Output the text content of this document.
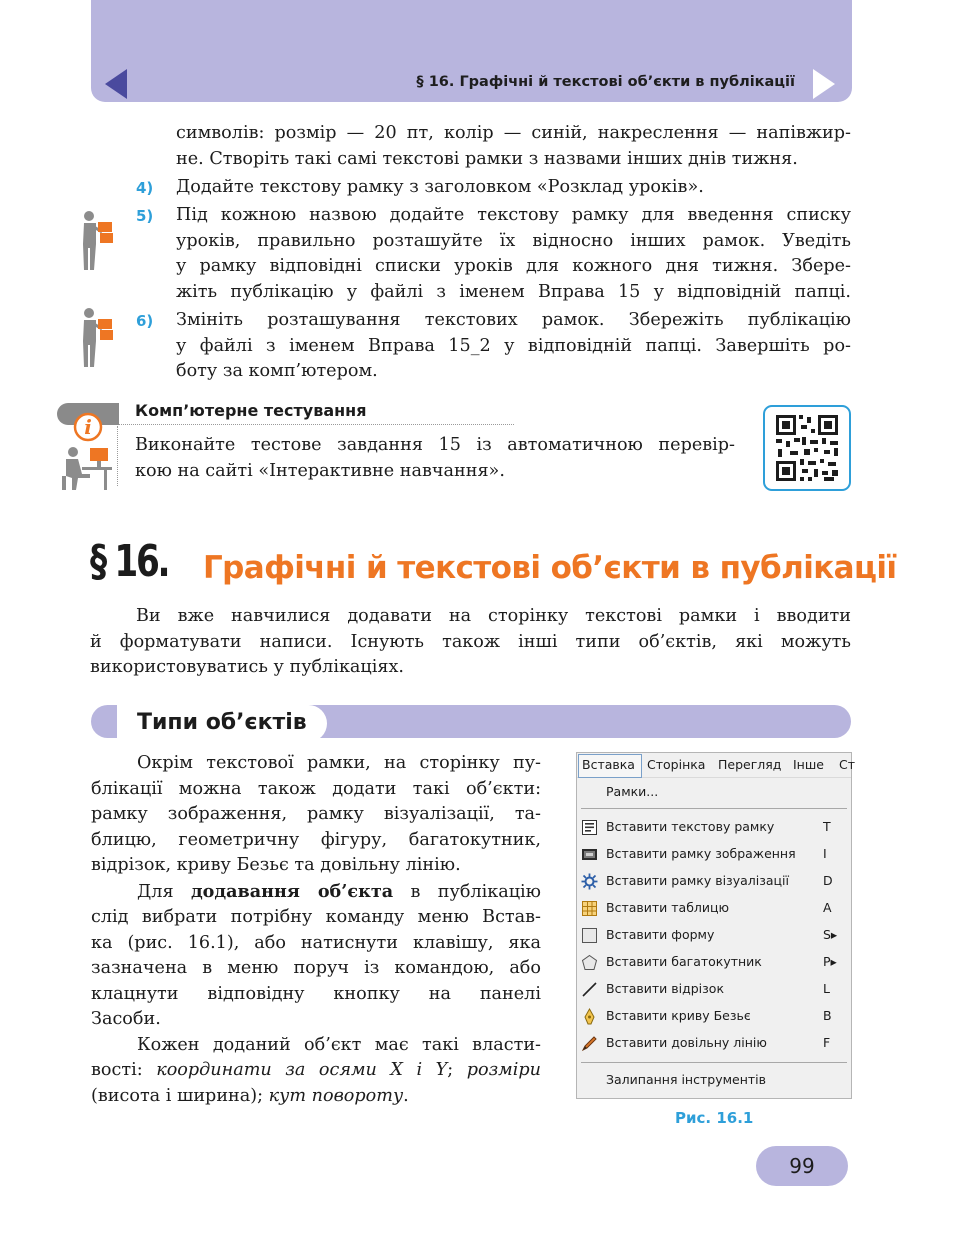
§ 16. Графічні й текстові об’єкти в публікації
символів: розмір — 20 пт, колір — синій, накреслення — напівжир-
не. Створіть такі самі текстові рамки з назвами інших днів тижня.
4) Додайте текстову рамку з заголовком «Розклад уроків».
5) Під кожною назвою додайте текстову рамку для введення списку
уроків, правильно розташуйте їх відносно інших рамок. Уведіть
у рамку відповідні списки уроків для кожного дня тижня. Збере-
жіть публікацію у файлі з іменем Вправа 15 у відповідній папці.
6) Змініть розташування текстових рамок. Збережіть публікацію
у файлі з іменем Вправа 15_2 у відповідній папці. Завершіть ро-
боту за комп’ютером.
i
Комп’ютерне тестування
Виконайте тестове завдання 15 із автоматичною перевір-
кою на сайті «Інтерактивне навчання».
§ 16. Графічні й текстові об’єкти в публікації
Ви вже навчилися додавати на сторінку текстові рамки і вводити
й форматувати написи. Існують також інші типи об’єктів, які можуть
використовуватись у публікаціях.
Типи об’єктів
Окрім текстової рамки, на сторінку пу-
блікації можна також додати такі об’єкти:
рамку зображення, рамку візуалізації, та-
блицю, геометричну фігуру, багатокутник,
відрізок, криву Безьє та довільну лінію.
Для додавання об’єкта в публікацію
слід вибрати потрібну команду меню Встав-
ка (рис. 16.1), або натиснути клавішу, яка
зазначена в меню поруч із командою, або
клацнути відповідну кнопку на панелі
Засоби.
Кожен доданий об’єкт має такі власти-
вості: координати за осями X і Y; розміри
(висота і ширина); кут повороту.
Вставка Сторінка Перегляд Інше Ст
Рамки...
Вставити текстову рамку	T
Вставити рамку зображення I
Вставити рамку візуалізації	D
Вставити таблицю	A
Вставити форму	S▸
Вставити багатокутник	P▸
Вставити відрізок	L
Вставити криву Безьє	B
Вставити довільну лінію	F
Залипання інструментів
Рис. 16.1
99
